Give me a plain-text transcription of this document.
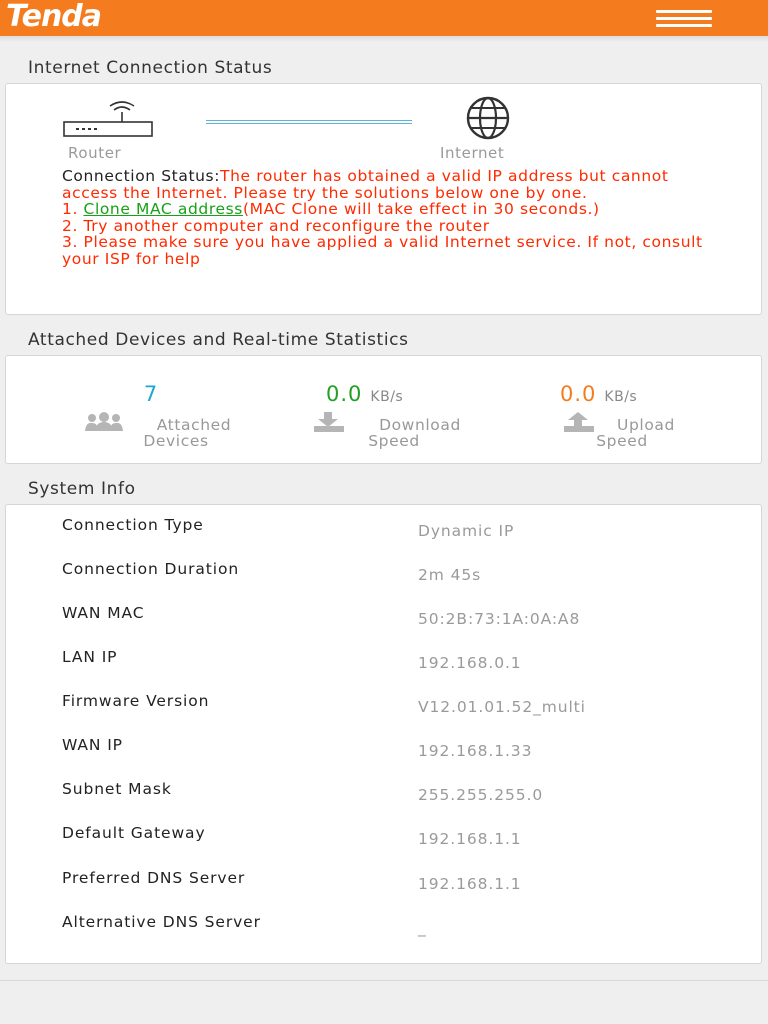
Tenda
Internet Connection Status
Router	Internet
Connection Status:The router has obtained a valid IP address but cannot access the Internet. Please try the solutions below one by one.
1. Clone MAC address(MAC Clone will take effect in 30 seconds.)
2. Try another computer and reconfigure the router
3. Please make sure you have applied a valid Internet service. If not, consult your ISP for help
Attached Devices and Real-time Statistics
7
Attached
Devices
0.0 KB/s
Download
Speed
0.0 KB/s
Upload
Speed
System Info
Connection Type	Dynamic IP
Connection Duration	2m 45s
WAN MAC	50:2B:73:1A:0A:A8
LAN IP	192.168.0.1
Firmware Version	V12.01.01.52_multi
WAN IP	192.168.1.33
Subnet Mask	255.255.255.0
Default Gateway	192.168.1.1
Preferred DNS Server	192.168.1.1
Alternative DNS Server	_
